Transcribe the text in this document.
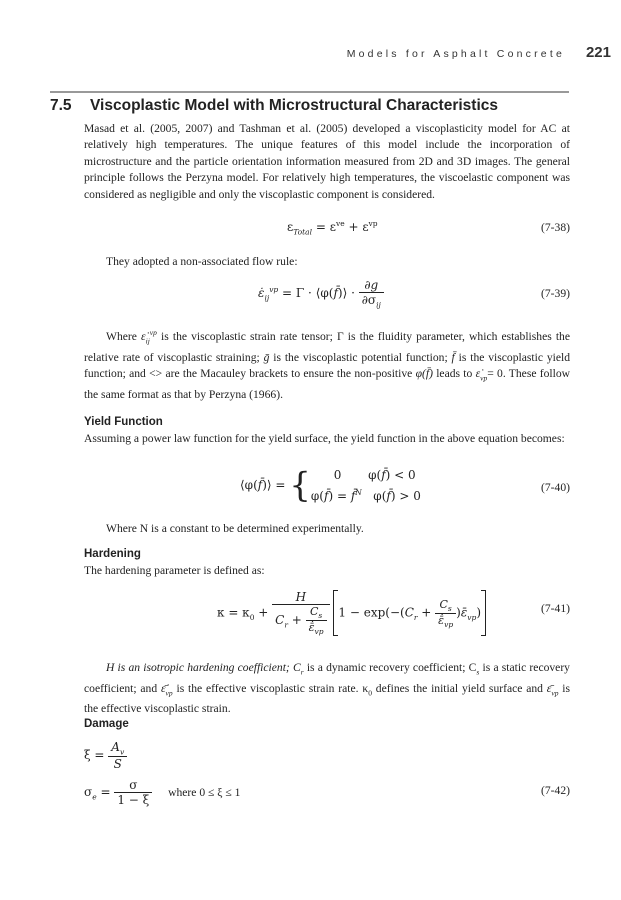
Models for Asphalt Concrete 221
7.5 Viscoplastic Model with Microstructural Characteristics

Masad et al. (2005, 2007) and Tashman et al. (2005) developed a viscoplasticity model for AC at relatively high temperatures. The unique features of this model include the incorporation of microstructure and the particle orientation information measured from 2D and 3D images. The general principle follows the Perzyna model. For relatively high temperatures, the viscoelastic component was considered as negligible and only the viscoplastic component is considered.

$\varepsilon_{Total} = \varepsilon^{ve} + \varepsilon^{vp}$	(7-38)

They adopted a non-associated flow rule:

$\varepsiloṅ_{ij}^{vp} = \Gamma$ · ⟨φ(f̄)⟩ · $\frac{\partial g}{\partial\sigma_{ij}}$	(7-39)

Where $\varepsiloṅ_{ij}^{vp}$ is the viscoplastic strain rate tensor; Γ is the fluidity parameter, which establishes the relative rate of viscoplastic straining; ḡ is the viscoplastic potential function; f̄ is the viscoplastic yield function; and <> are the Macauley brackets to ensure the non-positive φ(f̄) leads to $\varepsiloṅ_{vp}= 0$. These follow the same format as that by Perzyna (1966).

Yield Function

Assuming a power law function for the yield surface, the yield function in the above equation becomes:

⟨φ(f̄)⟩ = { 0       φ(f̄) < 0
φ(f̄) = f̄$^N$   φ(f̄) > 0
(7-40)

Where N is a constant to be determined experimentally.

Hardening

The hardening parameter is defined as:

$\kappa = \kappa_0 + \frac{H}{C_r + \frac{C_s}{\varepsilon̄̇_{vp}}} 1 - \exp(-(C_r + \frac{C_s}{\varepsilon̄̇_{vp}}$ )$\varepsilon̄_{vp}$)	(7-41)

H is an isotropic hardening coefficient; $C_r$ is a dynamic recovery coefficient; $C_s$ is a static recovery coefficient; and $\varepsilon̄̇_{vp}$ is the effective viscoplastic strain rate. $\kappa_0$ defines the initial yield surface and $\varepsilon̄_{vp}$ is the effective viscoplastic strain.

Damage
$\xi = \frac{A_v}{S}$
$\sigma_e = \frac{\sigma}{1 - \xi}$ where 0 ≤ ξ ≤ 1	(7-42)
